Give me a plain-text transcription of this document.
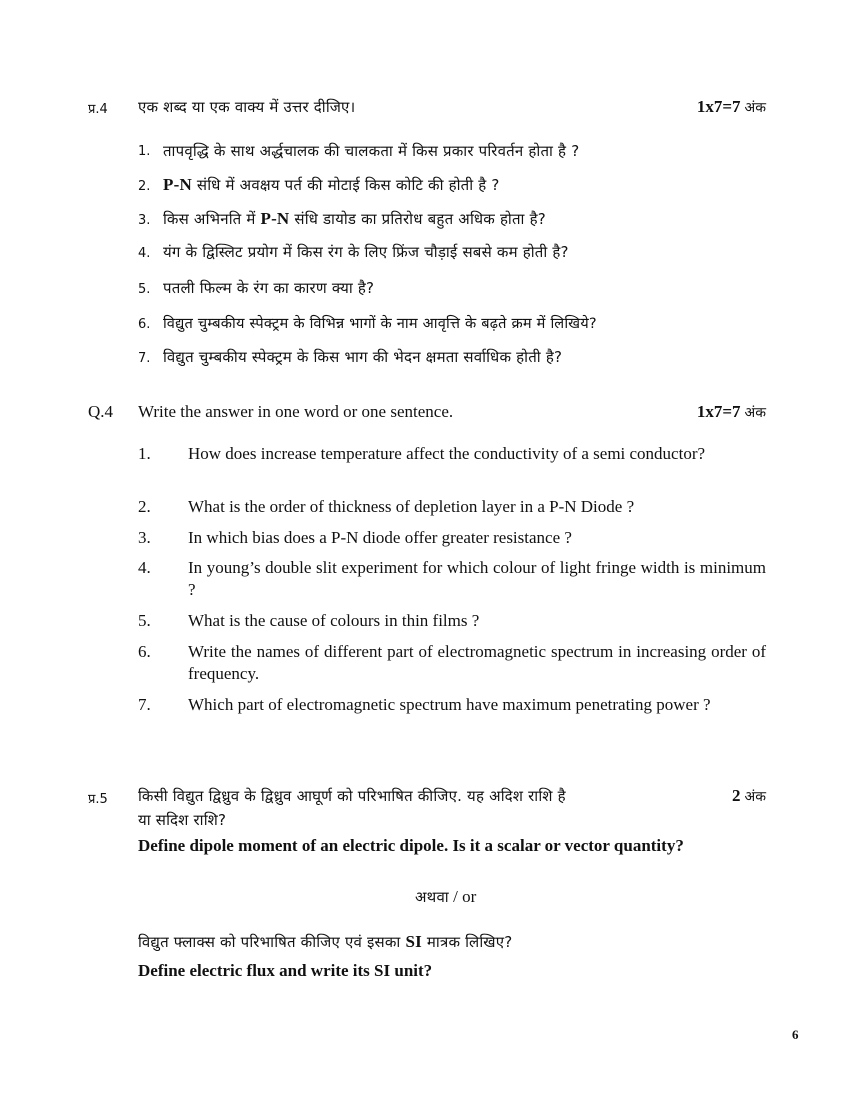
प्र.4 एक शब्द या एक वाक्य में उत्तर दीजिए।	1x7=7 अंक
1. तापवृद्धि के साथ अर्द्धचालक की चालकता में किस प्रकार परिवर्तन होता है ?
2. P-N संधि में अवक्षय पर्त की मोटाई किस कोटि की होती है ?
3. किस अभिनति में P-N संधि डायोड का प्रतिरोध बहुत अधिक होता है?
4. यंग के द्विस्लिट प्रयोग में किस रंग के लिए फ्रिंज चौड़ाई सबसे कम होती है?
5. पतली फिल्म के रंग का कारण क्या है?
6. विद्युत चुम्बकीय स्पेक्ट्रम के विभिन्न भागों के नाम आवृत्ति के बढ़ते क्रम में लिखिये?
7. विद्युत चुम्बकीय स्पेक्ट्रम के किस भाग की भेदन क्षमता सर्वाधिक होती है?
Q.4 Write the answer in one word or one sentence.	1x7=7 अंक
1. How does increase temperature affect the conductivity of a semi conductor?
2. What is the order of thickness of depletion layer in a P-N Diode ?
3. In which bias does a P-N diode offer greater resistance ?
4. In young’s double slit experiment for which colour of light fringe width is minimum ?
5. What is the cause of colours in thin films ?
6. Write the names of different part of electromagnetic spectrum in increasing order of frequency.
7. Which part of electromagnetic spectrum have maximum penetrating power ?
प्र.5 किसी विद्युत द्विध्रुव के द्विध्रुव आघूर्ण को परिभाषित कीजिए. यह अदिश राशि है	2 अंक
या सदिश राशि?
Define dipole moment of an electric dipole. Is it a scalar or vector quantity?
अथवा / or
विद्युत फ्लाक्स को परिभाषित कीजिए एवं इसका SI मात्रक लिखिए?
Define electric flux and write its SI unit?
6
